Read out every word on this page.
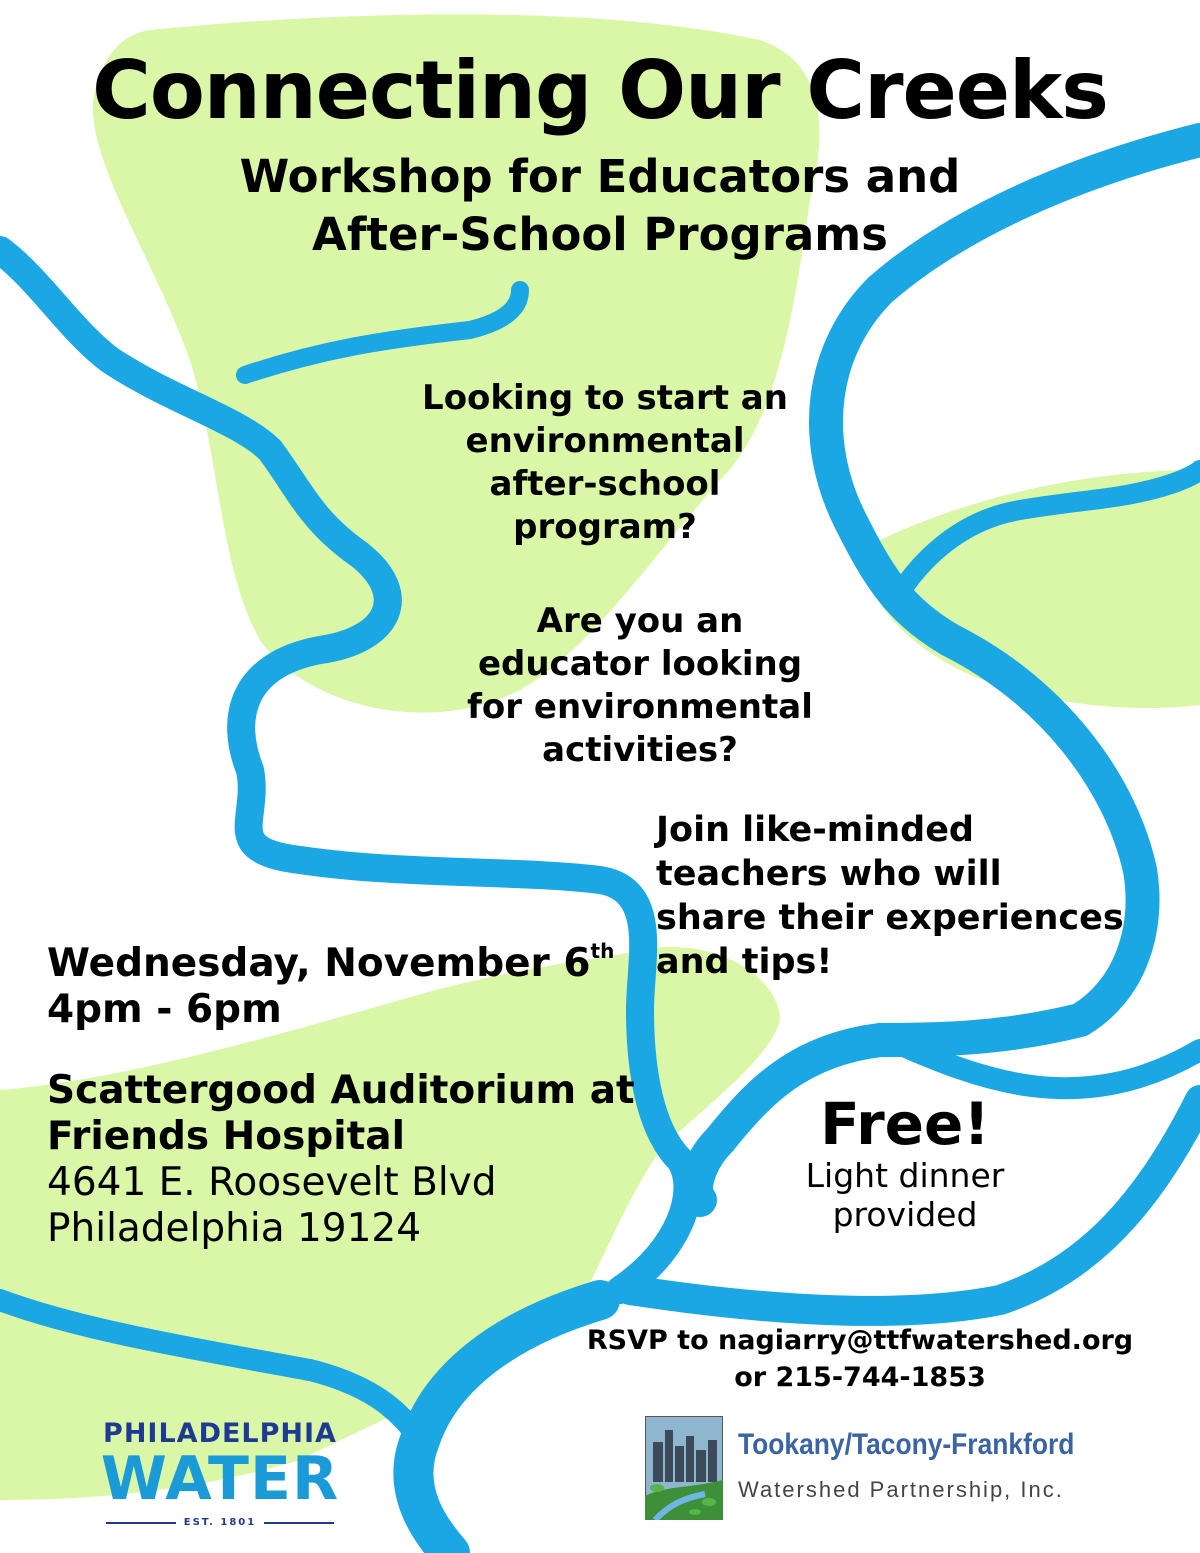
Connecting Our Creeks
Workshop for Educators and
After-School Programs
Looking to start an
environmental
after-school
program?
Are you an
educator looking
for environmental
activities?
Join like-minded
teachers who will
share their experiences
and tips!
Wednesday, November 6th
4pm - 6pm
Scattergood Auditorium at
Friends Hospital
4641 E. Roosevelt Blvd
Philadelphia 19124
Free!
Light dinner
provided
RSVP to nagiarry@ttfwatershed.org
or 215-744-1853
PHILADELPHIA
WATER
EST. 1801
Tookany/Tacony-Frankford
Watershed Partnership, Inc.
